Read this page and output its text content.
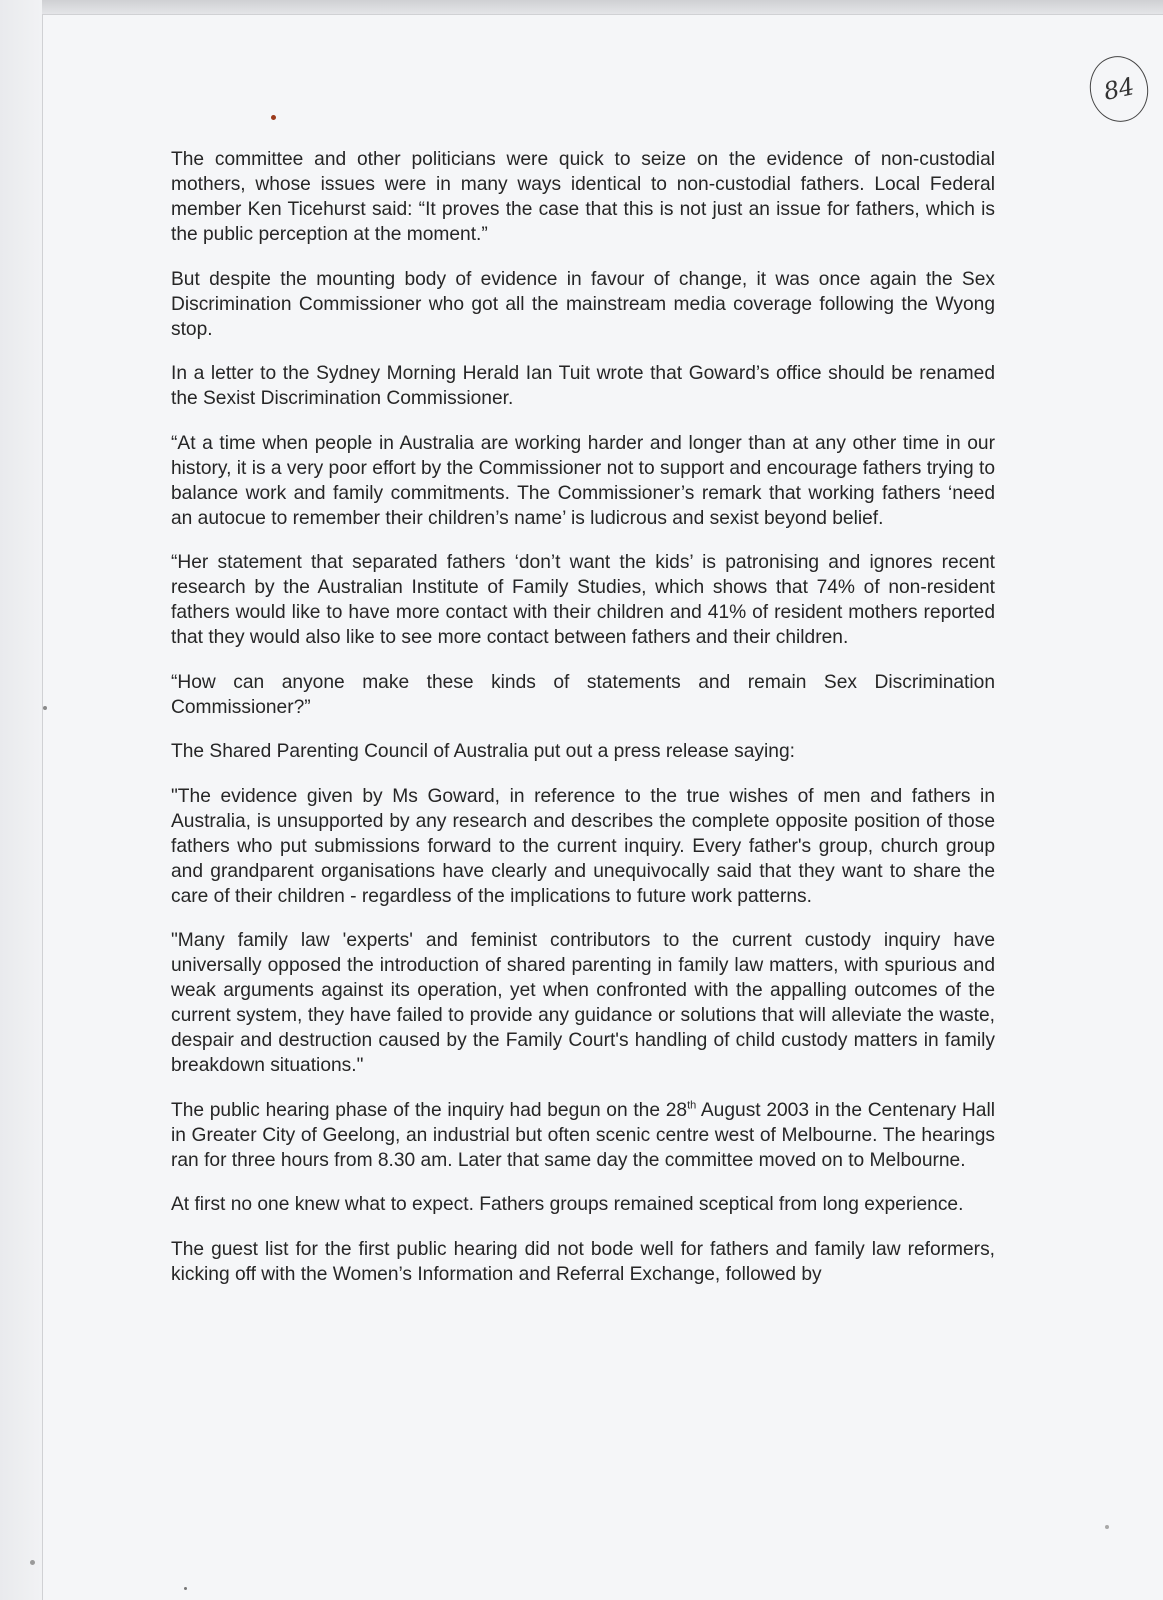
84

The committee and other politicians were quick to seize on the evidence of non-custodial mothers, whose issues were in many ways identical to non-custodial fathers. Local Federal member Ken Ticehurst said: “It proves the case that this is not just an issue for fathers, which is the public perception at the moment.”

But despite the mounting body of evidence in favour of change, it was once again the Sex Discrimination Commissioner who got all the mainstream media coverage following the Wyong stop.

In a letter to the Sydney Morning Herald Ian Tuit wrote that Goward’s office should be renamed the Sexist Discrimination Commissioner.

“At a time when people in Australia are working harder and longer than at any other time in our history, it is a very poor effort by the Commissioner not to support and encourage fathers trying to balance work and family commitments. The Commissioner’s remark that working fathers ‘need an autocue to remember their children’s name’ is ludicrous and sexist beyond belief.

“Her statement that separated fathers ‘don’t want the kids’ is patronising and ignores recent research by the Australian Institute of Family Studies, which shows that 74% of non-resident fathers would like to have more contact with their children and 41% of resident mothers reported that they would also like to see more contact between fathers and their children.

“How can anyone make these kinds of statements and remain Sex Discrimination Commissioner?”

The Shared Parenting Council of Australia put out a press release saying:

"The evidence given by Ms Goward, in reference to the true wishes of men and fathers in Australia, is unsupported by any research and describes the complete opposite position of those fathers who put submissions forward to the current inquiry. Every father's group, church group and grandparent organisations have clearly and unequivocally said that they want to share the care of their children - regardless of the implications to future work patterns.

"Many family law 'experts' and feminist contributors to the current custody inquiry have universally opposed the introduction of shared parenting in family law matters, with spurious and weak arguments against its operation, yet when confronted with the appalling outcomes of the current system, they have failed to provide any guidance or solutions that will alleviate the waste, despair and destruction caused by the Family Court's handling of child custody matters in family breakdown situations."

The public hearing phase of the inquiry had begun on the 28th August 2003 in the Centenary Hall in Greater City of Geelong, an industrial but often scenic centre west of Melbourne. The hearings ran for three hours from 8.30 am. Later that same day the committee moved on to Melbourne.

At first no one knew what to expect. Fathers groups remained sceptical from long experience.

The guest list for the first public hearing did not bode well for fathers and family law reformers, kicking off with the Women’s Information and Referral Exchange, followed by
